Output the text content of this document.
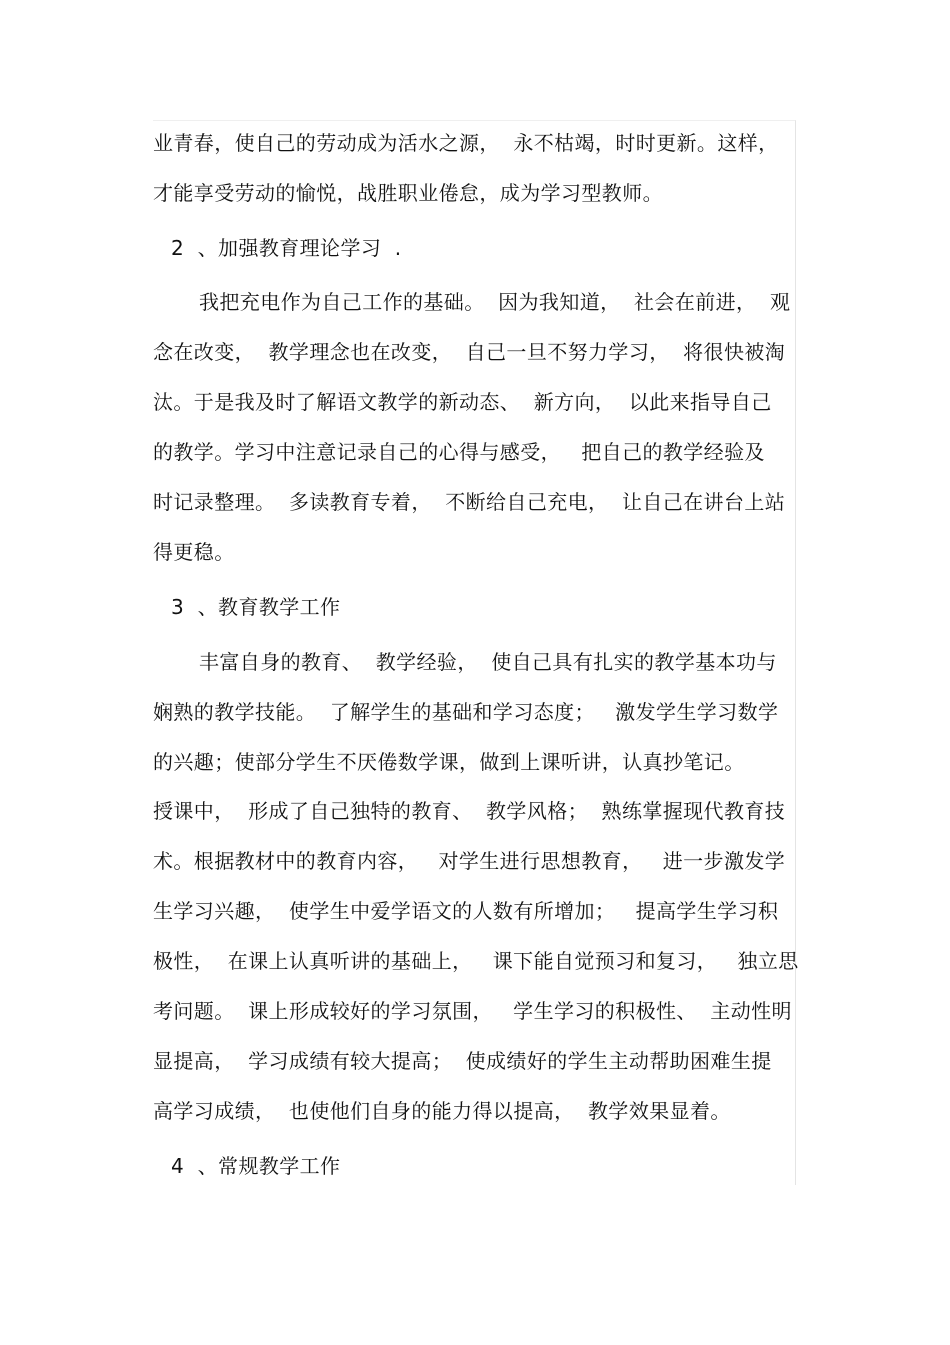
业青春，使自己的劳动成为活水之源，  永不枯竭，时时更新。这样，
才能享受劳动的愉悦，战胜职业倦怠，成为学习型教师。
2  、加强教育理论学习  .
我把充电作为自己工作的基础。  因为我知道，  社会在前进，  观
念在改变，  教学理念也在改变，  自己一旦不努力学习，  将很快被淘
汰。于是我及时了解语文教学的新动态、  新方向，  以此来指导自己
的教学。学习中注意记录自己的心得与感受，   把自己的教学经验及
时记录整理。  多读教育专着，  不断给自己充电，  让自己在讲台上站
得更稳。
3  、教育教学工作
丰富自身的教育、  教学经验，  使自己具有扎实的教学基本功与
娴熟的教学技能。  了解学生的基础和学习态度；   激发学生学习数学
的兴趣；使部分学生不厌倦数学课，做到上课听讲，认真抄笔记。
授课中，  形成了自己独特的教育、  教学风格；  熟练掌握现代教育技
术。根据教材中的教育内容，   对学生进行思想教育，   进一步激发学
生学习兴趣，  使学生中爱学语文的人数有所增加；   提高学生学习积
极性，  在课上认真听讲的基础上，   课下能自觉预习和复习，   独立思
考问题。  课上形成较好的学习氛围，   学生学习的积极性、  主动性明
显提高，  学习成绩有较大提高；  使成绩好的学生主动帮助困难生提
高学习成绩，  也使他们自身的能力得以提高，  教学效果显着。
4  、常规教学工作
